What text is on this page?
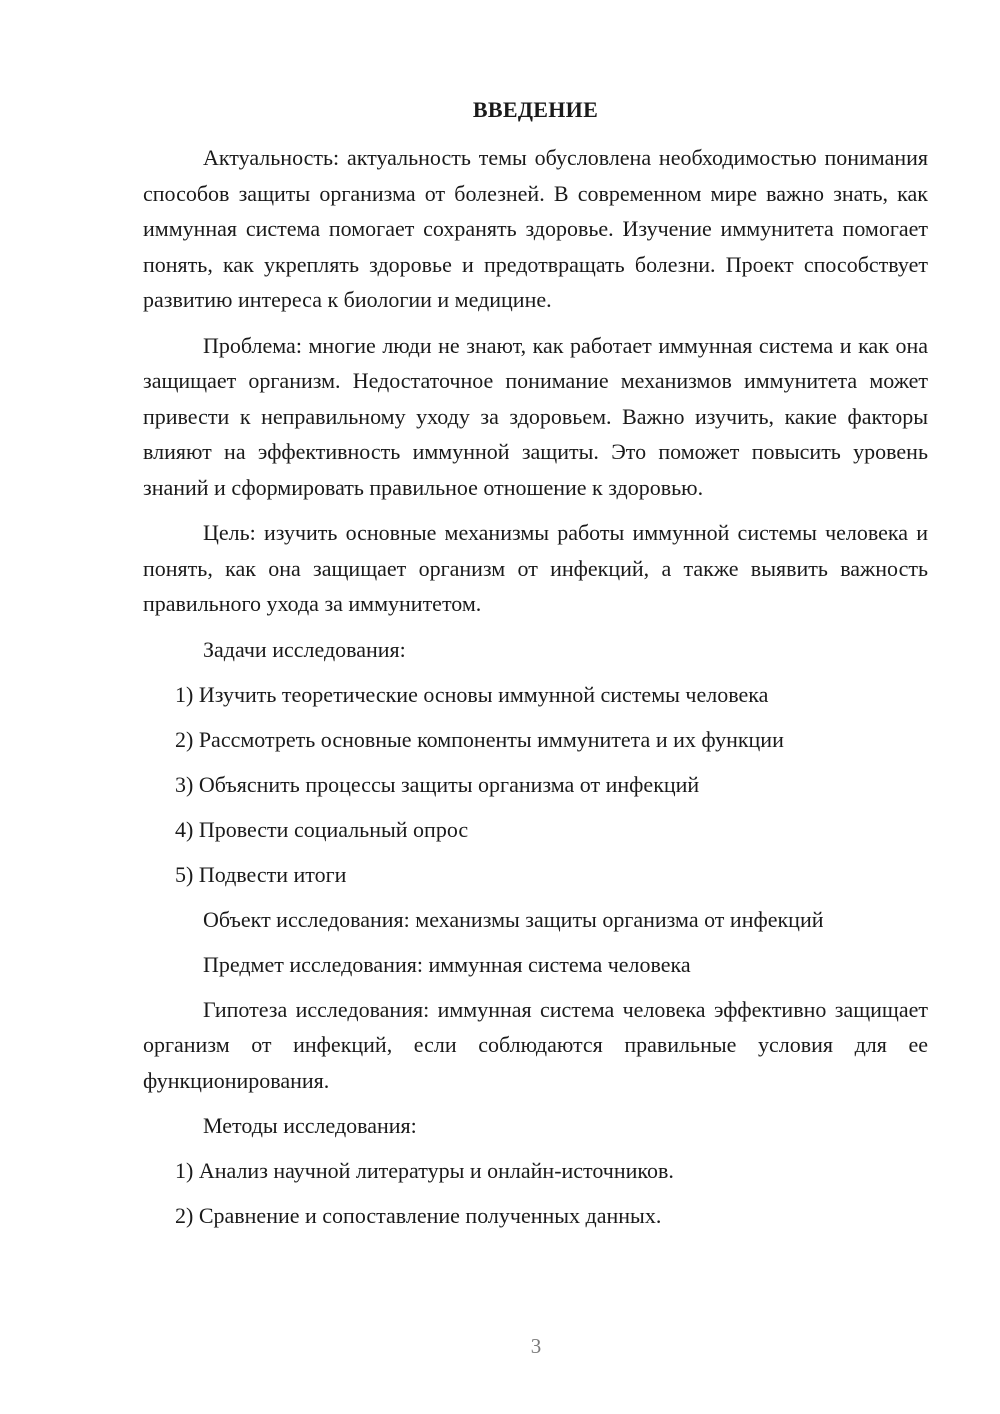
ВВЕДЕНИЕ

Актуальность: актуальность темы обусловлена необходимостью понимания способов защиты организма от болезней. В современном мире важно знать, как иммунная система помогает сохранять здоровье. Изучение иммунитета помогает понять, как укреплять здоровье и предотвращать болезни. Проект способствует развитию интереса к биологии и медицине.

Проблема: многие люди не знают, как работает иммунная система и как она защищает организм. Недостаточное понимание механизмов иммунитета может привести к неправильному уходу за здоровьем. Важно изучить, какие факторы влияют на эффективность иммунной защиты. Это поможет повысить уровень знаний и сформировать правильное отношение к здоровью.

Цель: изучить основные механизмы работы иммунной системы человека и понять, как она защищает организм от инфекций, а также выявить важность правильного ухода за иммунитетом.

Задачи исследования:
1) Изучить теоретические основы иммунной системы человека
2) Рассмотреть основные компоненты иммунитета и их функции
3) Объяснить процессы защиты организма от инфекций
4) Провести социальный опрос
5) Подвести итоги
Объект исследования: механизмы защиты организма от инфекций
Предмет исследования: иммунная система человека

Гипотеза исследования: иммунная система человека эффективно защищает организм от инфекций, если соблюдаются правильные условия для ее функционирования.

Методы исследования:
1) Анализ научной литературы и онлайн-источников.
2) Сравнение и сопоставление полученных данных.
3
